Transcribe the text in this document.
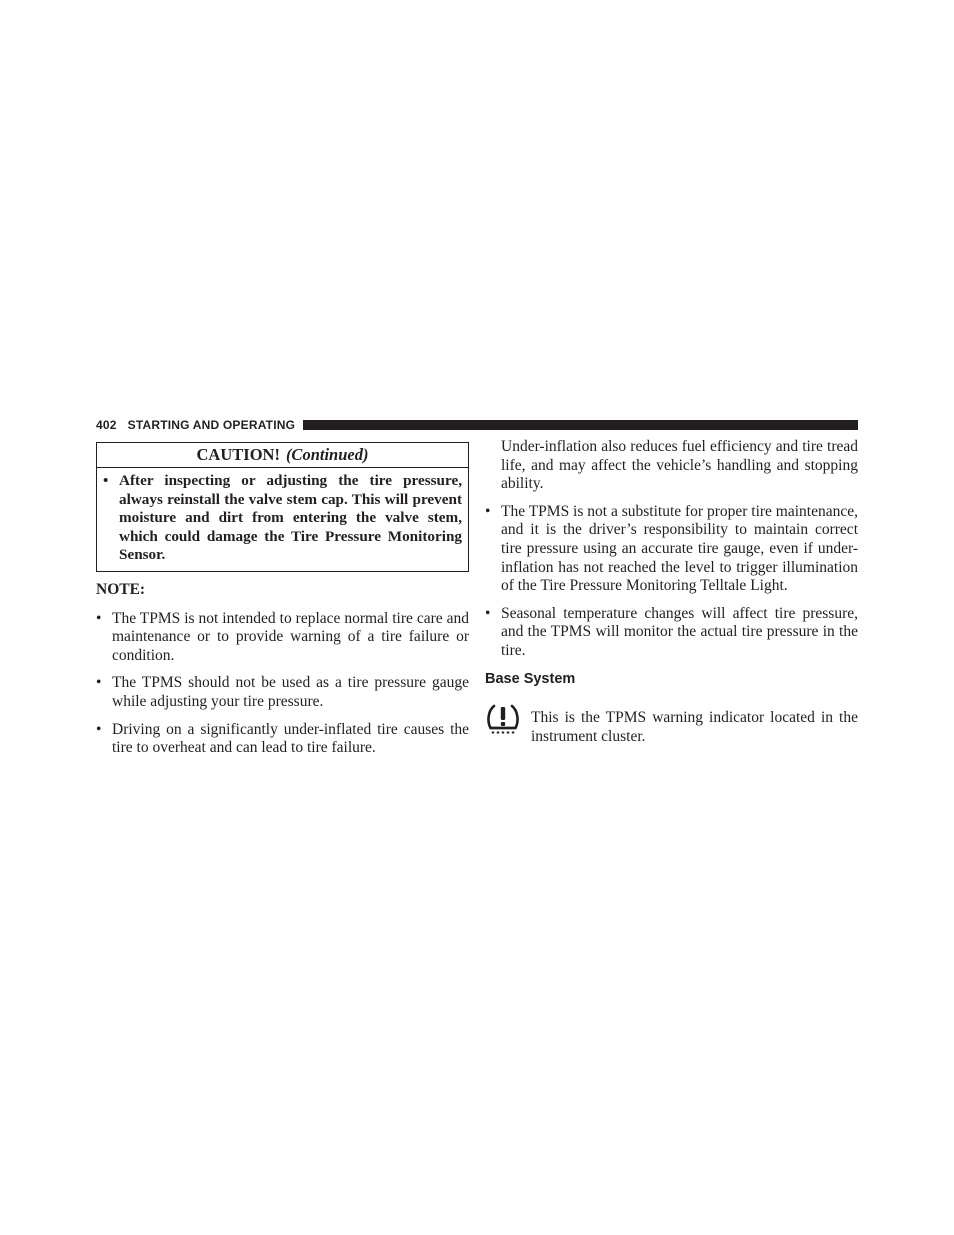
402 STARTING AND OPERATING
CAUTION! (Continued)
• After inspecting or adjusting the tire pressure, always reinstall the valve stem cap. This will prevent moisture and dirt from entering the valve stem, which could damage the Tire Pressure Monitoring Sensor.
NOTE:
• The TPMS is not intended to replace normal tire care and maintenance or to provide warning of a tire failure or condition.
• The TPMS should not be used as a tire pressure gauge while adjusting your tire pressure.
• Driving on a significantly under-inflated tire causes the tire to overheat and can lead to tire failure.
Under-inflation also reduces fuel efficiency and tire tread life, and may affect the vehicle’s handling and stopping ability.
• The TPMS is not a substitute for proper tire maintenance, and it is the driver’s responsibility to maintain correct tire pressure using an accurate tire gauge, even if under-inflation has not reached the level to trigger illumination of the Tire Pressure Monitoring Telltale Light.
• Seasonal temperature changes will affect tire pressure, and the TPMS will monitor the actual tire pressure in the tire.
Base System
This is the TPMS warning indicator located in the instrument cluster.
